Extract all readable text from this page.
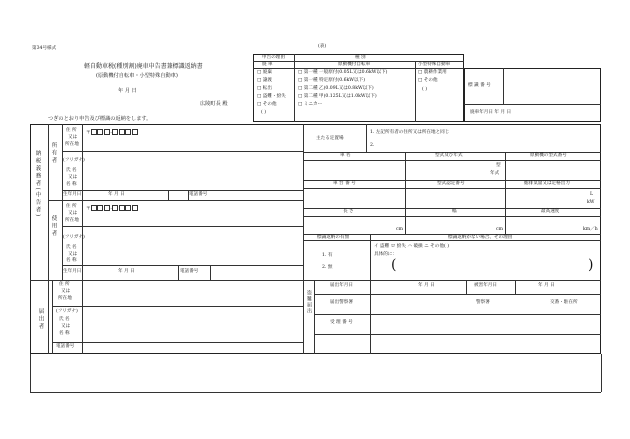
第34号様式	(表)
軽自動車税(種別割)廃車申告書兼標識返納書
(原動機付自転車・小型特殊自動車)
年 月 日
広陵町長 殿
つぎのとおり申告及び標識の返納をします。
申告の理由
廃 車
種 別
原動機付自転車	小型特殊自動車
□ 廃棄
□ 譲渡
□ 転出
□ 盗難・紛失
□ その他
( )
□ 第一種 一般原付(0.05L又は0.6kW以下)
□ 第一種 特定原付(0.6kW以下)
□ 第二種 乙(0.09L又は0.8kW以下)
□ 第二種 甲(0.125L又は1.0kW以下)
□ ミニカー
□ 農耕作業用
□ その他
( )
標 識 番 号
廃車年月日 年 月 日
納税義務者(中告者) 所有者
使用者
届出者
住 所
又は
所在地
〒	-
(フリガナ)
氏 名
又は
名 称
生年月日	年 月 日	電話番号
住 所
又は
所在地
〒	-
(フリガナ)
氏 名
又は
名 称
生年月日	年 月 日	電話番号
住 所
又は
所在地
(フリガナ)
氏 名
又は
名 称
電話番号
主たる定置場
1. 左記所有者の住所又は所在地と同じ
2.
車 名	型式及び年式	原動機の型式番号
型
年式
車 台 番 号	型式認定番号	総排気量又は定格出力
L
kW
長 さ	幅	最高速度
cm	cm	km／h
標識返納の有無	標識返納がない場合、その理由
1. 有
2. 無
イ 盗難 ロ 紛失 ハ 破損 ニ その他( )
具体的に：
(	)
盗難届出
届出年月日	年 月 日	被害年月日	年 月 日
届出警察署	警察署	交番・駐在所
受 理 番 号
